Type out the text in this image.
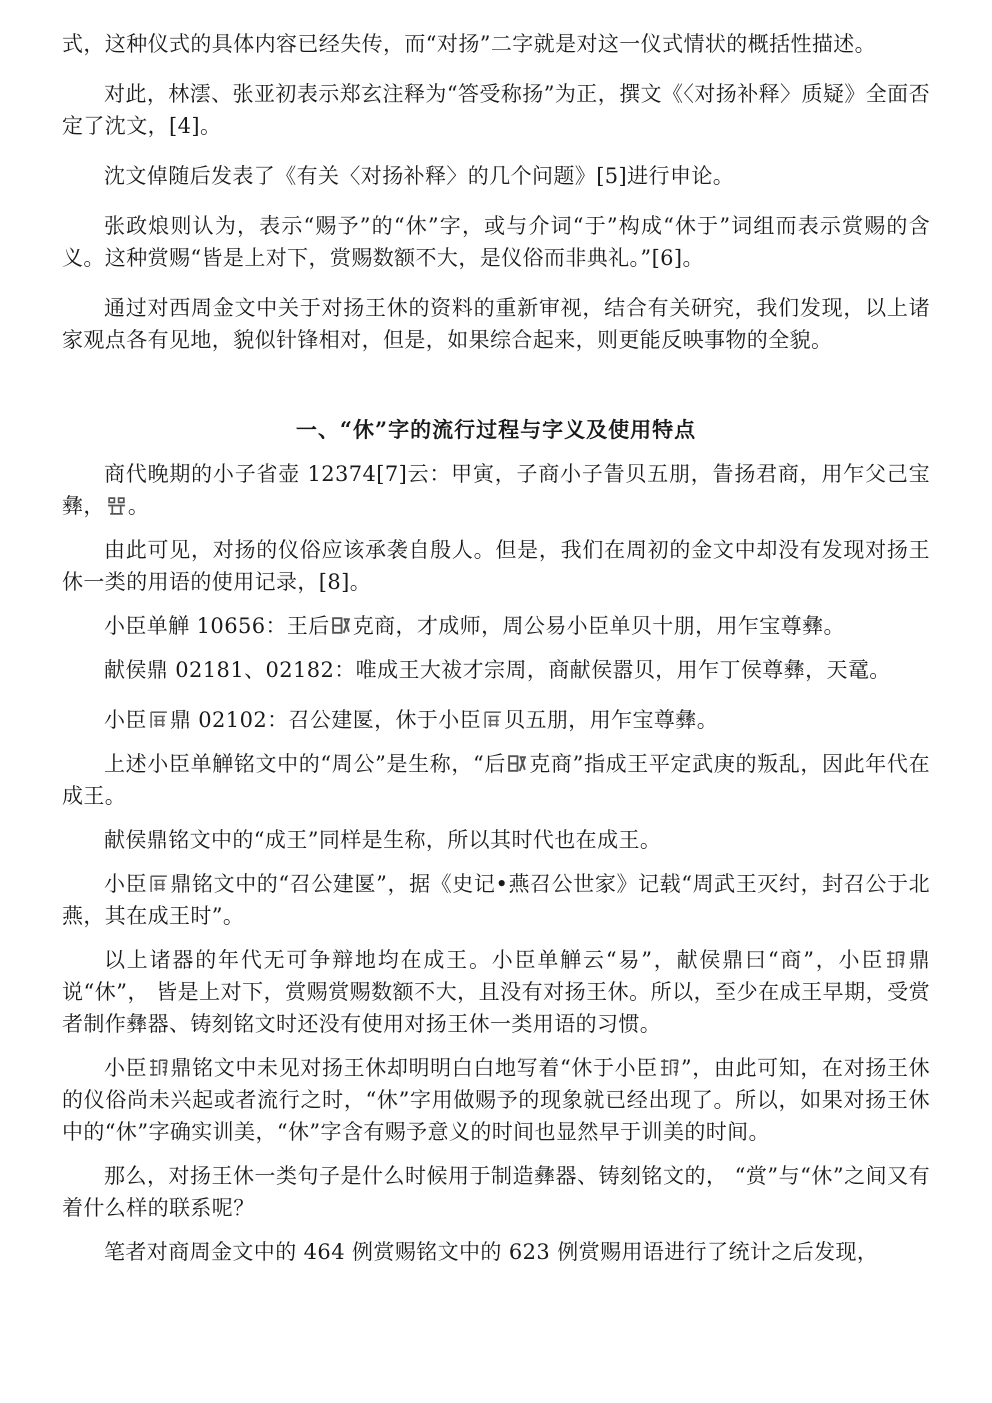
式，这种仪式的具体内容已经失传，而“对扬”二字就是对这一仪式情状的概括性描述。

对此，林澐、张亚初表示郑玄注释为“答受称扬”为正，撰文《〈对扬补释〉质疑》全面否定了沈文，[4]。

沈文倬随后发表了《有关〈对扬补释〉的几个问题》[5]进行申论。

张政烺则认为，表示“赐予”的“休”字，或与介词“于”构成“休于”词组而表示赏赐的含义。这种赏赐“皆是上对下，赏赐数额不大，是仪俗而非典礼。”[6]。

通过对西周金文中关于对扬王休的资料的重新审视，结合有关研究，我们发现，以上诸家观点各有见地，貌似针锋相对，但是，如果综合起来，则更能反映事物的全貌。

一、“休”字的流行过程与字义及使用特点

商代晚期的小子省壶 12374[7]云：甲寅，子商小子眚贝五朋，眚扬君商，用乍父己宝彝， 。

由此可见，对扬的仪俗应该承袭自殷人。但是，我们在周初的金文中却没有发现对扬王休一类的用语的使用记录，[8]。

小臣单觯 10656：王后 克商，才成师，周公易小臣单贝十朋，用乍宝尊彝。

献侯鼎 02181、02182：唯成王大祓才宗周，商献侯嚣贝，用乍丁侯尊彝，天鼋。

小臣 鼎 02102：召公建匽，休于小臣 贝五朋，用乍宝尊彝。

上述小臣单觯铭文中的“周公”是生称，“后 克商”指成王平定武庚的叛乱，因此年代在成王。

献侯鼎铭文中的“成王”同样是生称，所以其时代也在成王。

小臣 鼎铭文中的“召公建匽”，据《史记•燕召公世家》记载“周武王灭纣，封召公于北燕，其在成王时”。

以上诸器的年代无可争辩地均在成王。小臣单觯云“易”，献侯鼎曰“商”，小臣 鼎说“休”， 皆是上对下，赏赐赏赐数额不大，且没有对扬王休。所以，至少在成王早期，受赏者制作彝器、铸刻铭文时还没有使用对扬王休一类用语的习惯。

小臣 鼎铭文中未见对扬王休却明明白白地写着“休于小臣 ”，由此可知，在对扬王休的仪俗尚未兴起或者流行之时，“休”字用做赐予的现象就已经出现了。所以，如果对扬王休中的“休”字确实训美，“休”字含有赐予意义的时间也显然早于训美的时间。

那么，对扬王休一类句子是什么时候用于制造彝器、铸刻铭文的， “赏”与“休”之间又有着什么样的联系呢？

笔者对商周金文中的 464 例赏赐铭文中的 623 例赏赐用语进行了统计之后发现，
